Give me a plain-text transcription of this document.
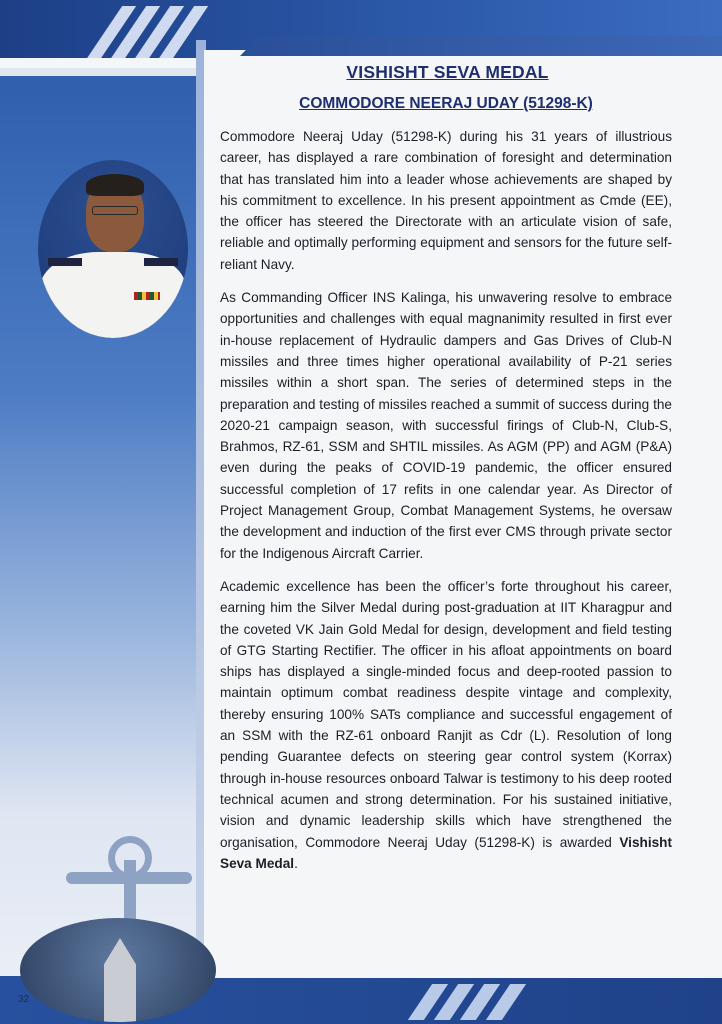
32
VISHISHT SEVA MEDAL
COMMODORE NEERAJ UDAY (51298-K)

Commodore Neeraj Uday (51298-K) during his 31 years of illustrious career, has displayed a rare combination of foresight and determination that has translated him into a leader whose achievements are shaped by his commitment to excellence. In his present appointment as Cmde (EE), the officer has steered the Directorate with an articulate vision of safe, reliable and optimally performing equipment and sensors for the future self-reliant Navy.

As Commanding Officer INS Kalinga, his unwavering resolve to embrace opportunities and challenges with equal magnanimity resulted in first ever in-house replacement of Hydraulic dampers and Gas Drives of Club-N missiles and three times higher operational availability of P-21 series missiles within a short span. The series of determined steps in the preparation and testing of missiles reached a summit of success during the 2020-21 campaign season, with successful firings of Club-N, Club-S, Brahmos, RZ-61, SSM and SHTIL missiles. As AGM (PP) and AGM (P&A) even during the peaks of COVID-19 pandemic, the officer ensured successful completion of 17 refits in one calendar year. As Director of Project Management Group, Combat Management Systems, he oversaw the development and induction of the first ever CMS through private sector for the Indigenous Aircraft Carrier.

Academic excellence has been the officer’s forte throughout his career, earning him the Silver Medal during post-graduation at IIT Kharagpur and the coveted VK Jain Gold Medal for design, development and field testing of GTG Starting Rectifier. The officer in his afloat appointments on board ships has displayed a single-minded focus and deep-rooted passion to maintain optimum combat readiness despite vintage and complexity, thereby ensuring 100% SATs compliance and successful engagement of an SSM with the RZ-61 onboard Ranjit as Cdr (L). Resolution of long pending Guarantee defects on steering gear control system (Korrax) through in-house resources onboard Talwar is testimony to his deep rooted technical acumen and strong determination. For his sustained initiative, vision and dynamic leadership skills which have strengthened the organisation, Commodore Neeraj Uday (51298-K) is awarded Vishisht Seva Medal.
